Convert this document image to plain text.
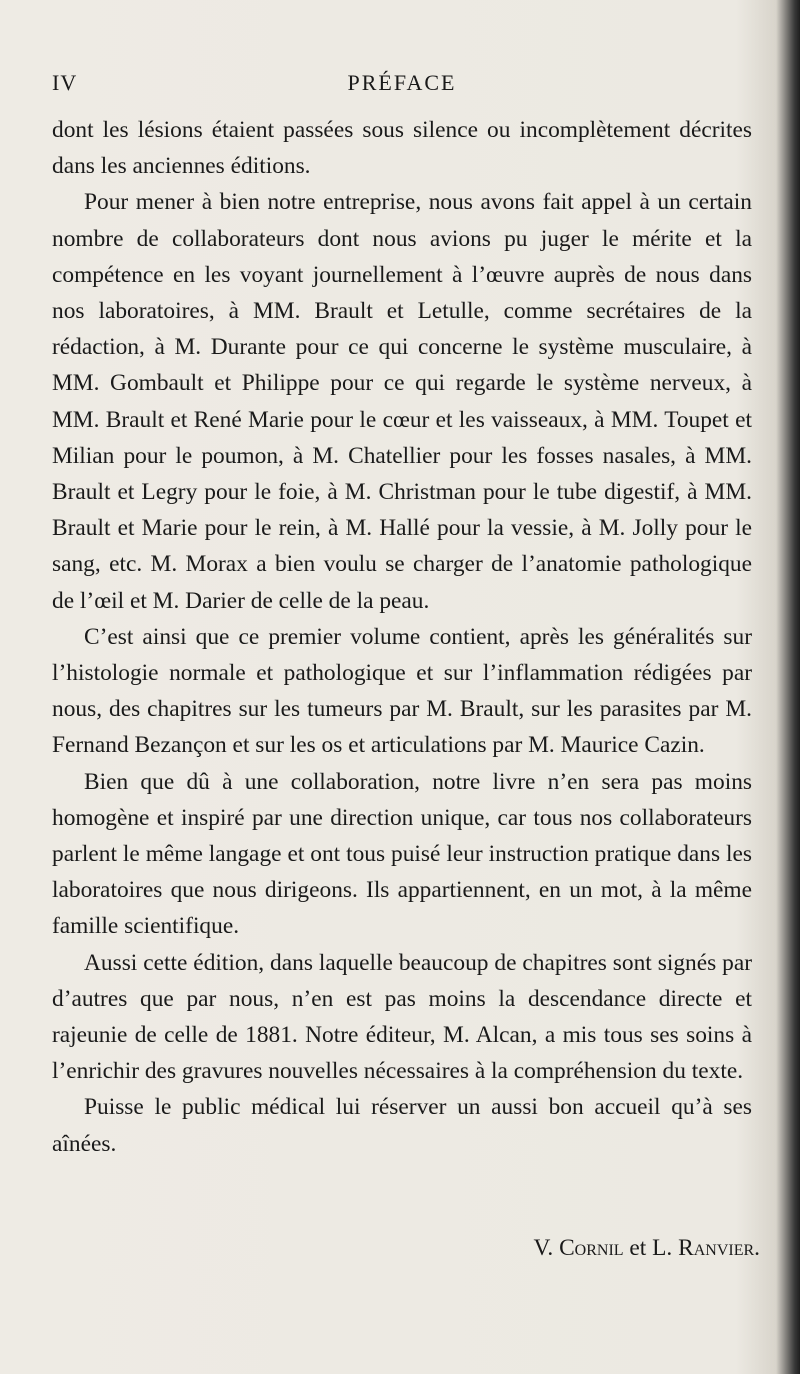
IV	PRÉFACE

dont les lésions étaient passées sous silence ou incomplètement décrites dans les anciennes éditions.

Pour mener à bien notre entreprise, nous avons fait appel à un certain nombre de collaborateurs dont nous avions pu juger le mérite et la compétence en les voyant journellement à l’œuvre auprès de nous dans nos laboratoires, à MM. Brault et Letulle, comme secrétaires de la rédaction, à M. Durante pour ce qui concerne le système musculaire, à MM. Gombault et Philippe pour ce qui regarde le système nerveux, à MM. Brault et René Marie pour le cœur et les vaisseaux, à MM. Toupet et Milian pour le poumon, à M. Chatellier pour les fosses nasales, à MM. Brault et Legry pour le foie, à M. Christman pour le tube digestif, à MM. Brault et Marie pour le rein, à M. Hallé pour la vessie, à M. Jolly pour le sang, etc. M. Morax a bien voulu se charger de l’anatomie pathologique de l’œil et M. Darier de celle de la peau.

C’est ainsi que ce premier volume contient, après les généralités sur l’histologie normale et pathologique et sur l’inflammation rédigées par nous, des chapitres sur les tumeurs par M. Brault, sur les parasites par M. Fernand Bezançon et sur les os et articulations par M. Maurice Cazin.

Bien que dû à une collaboration, notre livre n’en sera pas moins homogène et inspiré par une direction unique, car tous nos collaborateurs parlent le même langage et ont tous puisé leur instruction pratique dans les laboratoires que nous dirigeons. Ils appartiennent, en un mot, à la même famille scientifique.

Aussi cette édition, dans laquelle beaucoup de chapitres sont signés par d’autres que par nous, n’en est pas moins la descendance directe et rajeunie de celle de 1881. Notre éditeur, M. Alcan, a mis tous ses soins à l’enrichir des gravures nouvelles nécessaires à la compréhension du texte.

Puisse le public médical lui réserver un aussi bon accueil qu’à ses aînées.

V. Cornil et L. Ranvier.
